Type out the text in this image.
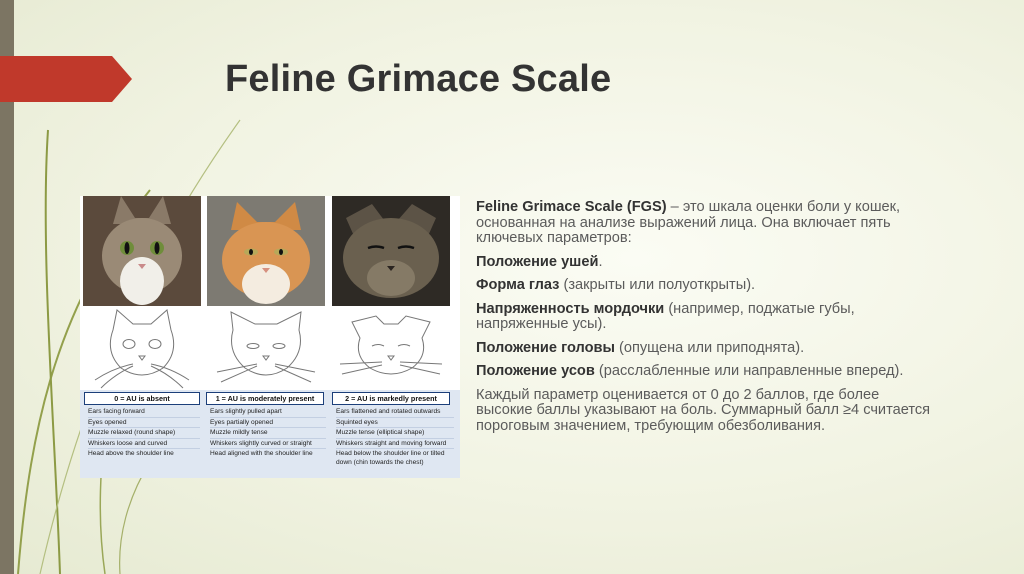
Feline Grimace Scale
0 = AU is absent	1 = AU is moderately present	2 = AU is markedly present
Ears facing forward
Eyes opened
Muzzle relaxed (round shape)
Whiskers loose and curved
Head above the shoulder line
Ears slightly pulled apart
Eyes partially opened
Muzzle mildly tense
Whiskers slightly curved or straight
Head aligned with the shoulder line
Ears flattened and rotated outwards
Squinted eyes
Muzzle tense (elliptical shape)
Whiskers straight and moving forward
Head below the shoulder line or tilted down (chin towards the chest)

Feline Grimace Scale (FGS) – это шкала оценки боли у кошек, основанная на анализе выражений лица. Она включает пять ключевых параметров:

Положение ушей.

Форма глаз (закрыты или полуоткрыты).

Напряженность мордочки (например, поджатые губы, напряженные усы).

Положение головы (опущена или приподнята).

Положение усов (расслабленные или направленные вперед).

Каждый параметр оценивается от 0 до 2 баллов, где более высокие баллы указывают на боль. Суммарный балл ≥4 считается пороговым значением, требующим обезболивания.
